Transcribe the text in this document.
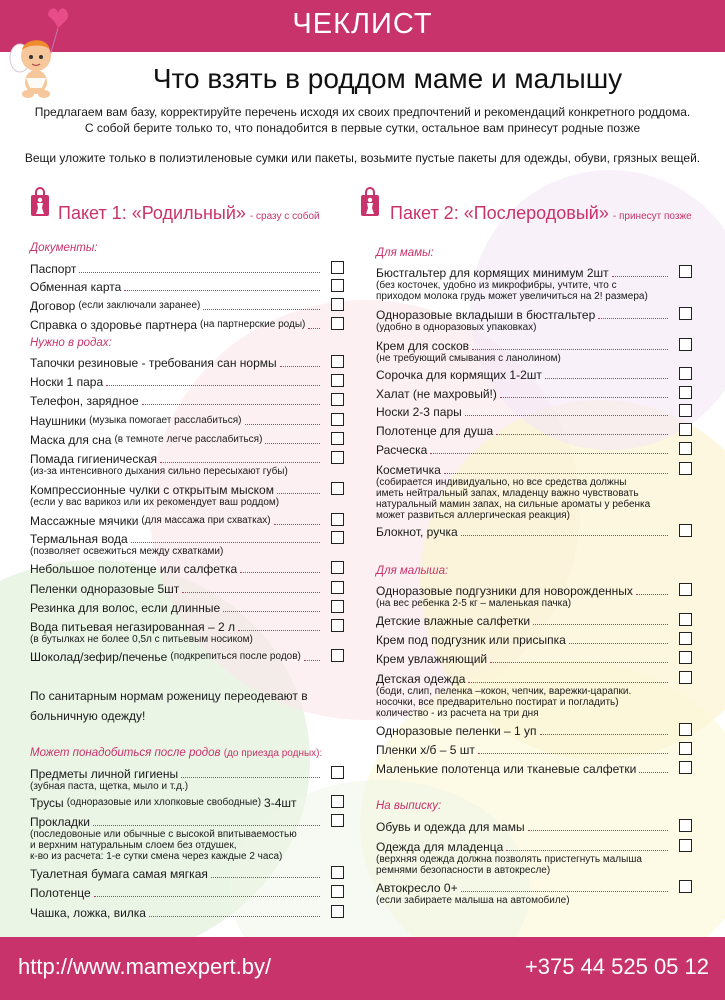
ЧЕКЛИСТ
Что взять в роддом маме и малышу
Предлагаем вам базу, корректируйте перечень исходя их своих предпочтений и рекомендаций конкретного роддома.
С собой берите только то, что понадобится в первые сутки, остальное вам принесут родные позже
Вещи уложите только в полиэтиленовые сумки или пакеты, возьмите пустые пакеты для одежды, обуви, грязных вещей.
Пакет 1: «Родильный» - сразу с собой	Пакет 2: «Послеродовый» - принесут позже
Документы:
Нужно в родах:
По санитарным нормам роженицу переодевают в
больничную одежду!
Может понадобиться после родов (до приезда родных):
Для мамы:
Для малыша:
На выписку:
http://www.mamexpert.by/	+375 44 525 05 12
Паспорт
Обменная карта
Договор (если заключали заранее)
Справка о здоровье партнера (на партнерские роды)
Тапочки резиновые - требования сан нормы
Носки 1 пара
Телефон, зарядное
Наушники (музыка помогает расслабиться)
Маска для сна (в темноте легче расслабиться)
Помада гигиеническая
(из-за интенсивного дыхания сильно пересыхают губы)
Компрессионные чулки с открытым мыском
(если у вас варикоз или их рекомендует ваш роддом)
Массажные мячики (для массажа при схватках)
Термальная вода
(позволяет освежиться между схватками)
Небольшое полотенце или салфетка
Пеленки одноразовые 5шт
Резинка для волос, если длинные
Вода питьевая негазированная – 2 л
(в бутылках не более 0,5л с питьевым носиком)
Шоколад/зефир/печенье (подкрепиться после родов)
Предметы личной гигиены
(зубная паста, щетка, мыло и т.д.)
Трусы (одноразовые или хлопковые свободные) 3-4шт
Прокладки
(последовоные или обычные с высокой впитываемостью
и верхним натуральным слоем без отдушек,
к-во из расчета: 1-е сутки смена через каждые 2 часа)
Туалетная бумага самая мягкая
Полотенце
Чашка, ложка, вилка
Бюстгальтер для кормящих минимум 2шт
(без косточек, удобно из микрофибры, учтите, что с
приходом молока грудь может увеличиться на 2! размера)
Одноразовые вкладыши в бюстгальтер
(удобно в одноразовых упаковках)
Крем для сосков
(не требующий смывания с ланолином)
Сорочка для кормящих 1-2шт
Халат (не махровый!)
Носки 2-3 пары
Полотенце для душа
Расческа
Косметичка
(собирается индивидуально, но все средства должны
иметь нейтральный запах, младенцу важно чувствовать
натуральный мамин запах, на сильные ароматы у ребенка
может развиться аллергическая реакция)
Блокнот, ручка
Одноразовые подгузники для новорожденных
(на вес ребенка 2-5 кг – маленькая пачка)
Детские влажные салфетки
Крем под подгузник или присыпка
Крем увлажняющий
Детская одежда
(боди, слип, пеленка –кокон, чепчик, варежки-царапки.
носочки, все предварительно постират и погладить)
количество - из расчета на три дня
Одноразовые пеленки – 1 уп
Пленки х/б – 5 шт
Маленькие полотенца или тканевые салфетки
Обувь и одежда для мамы
Одежда для младенца
(верхняя одежда должна позволять пристегнуть малыша
ремнями безопасности в автокресле)
Автокресло 0+
(если забираете малыша на автомобиле)
